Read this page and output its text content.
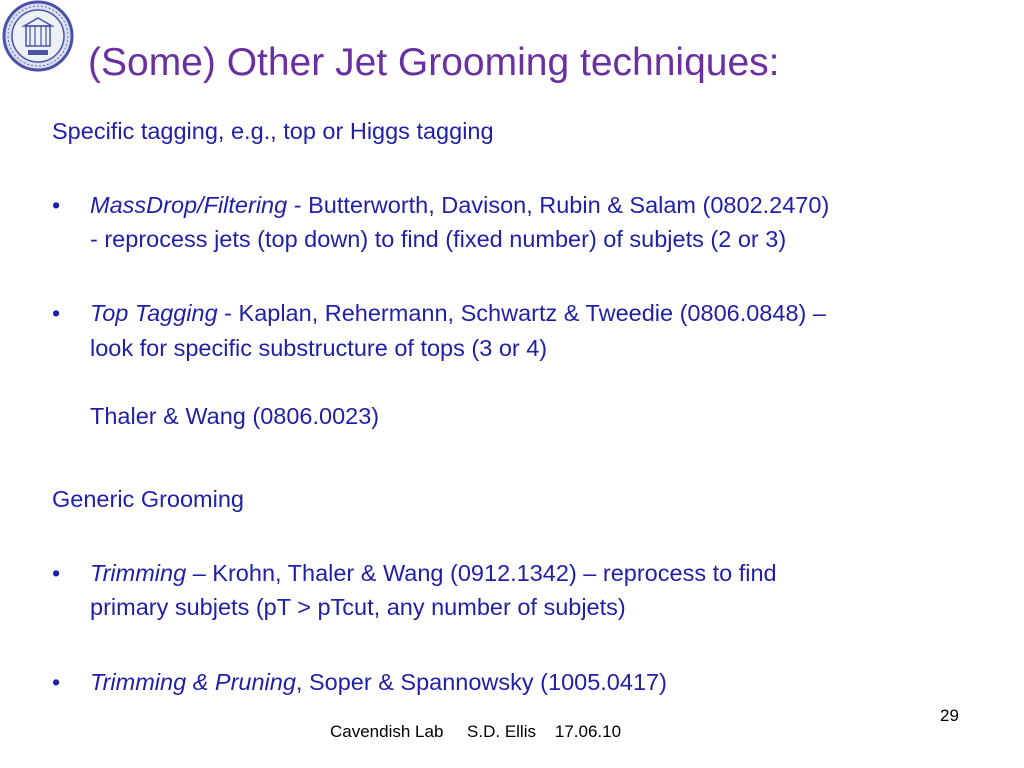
(Some) Other Jet Grooming techniques:
Specific tagging, e.g., top or Higgs tagging
• MassDrop/Filtering - Butterworth, Davison, Rubin & Salam (0802.2470)
- reprocess jets (top down) to find (fixed number) of subjets (2 or 3)
• Top Tagging - Kaplan, Rehermann, Schwartz & Tweedie (0806.0848) –
look for specific substructure of tops (3 or 4)
Thaler & Wang (0806.0023)
Generic Grooming
• Trimming – Krohn, Thaler & Wang (0912.1342) – reprocess to find
primary subjets (pT > pTcut, any number of subjets)
• Trimming & Pruning, Soper & Spannowsky (1005.0417)
29
Cavendish Lab     S.D. Ellis    17.06.10
